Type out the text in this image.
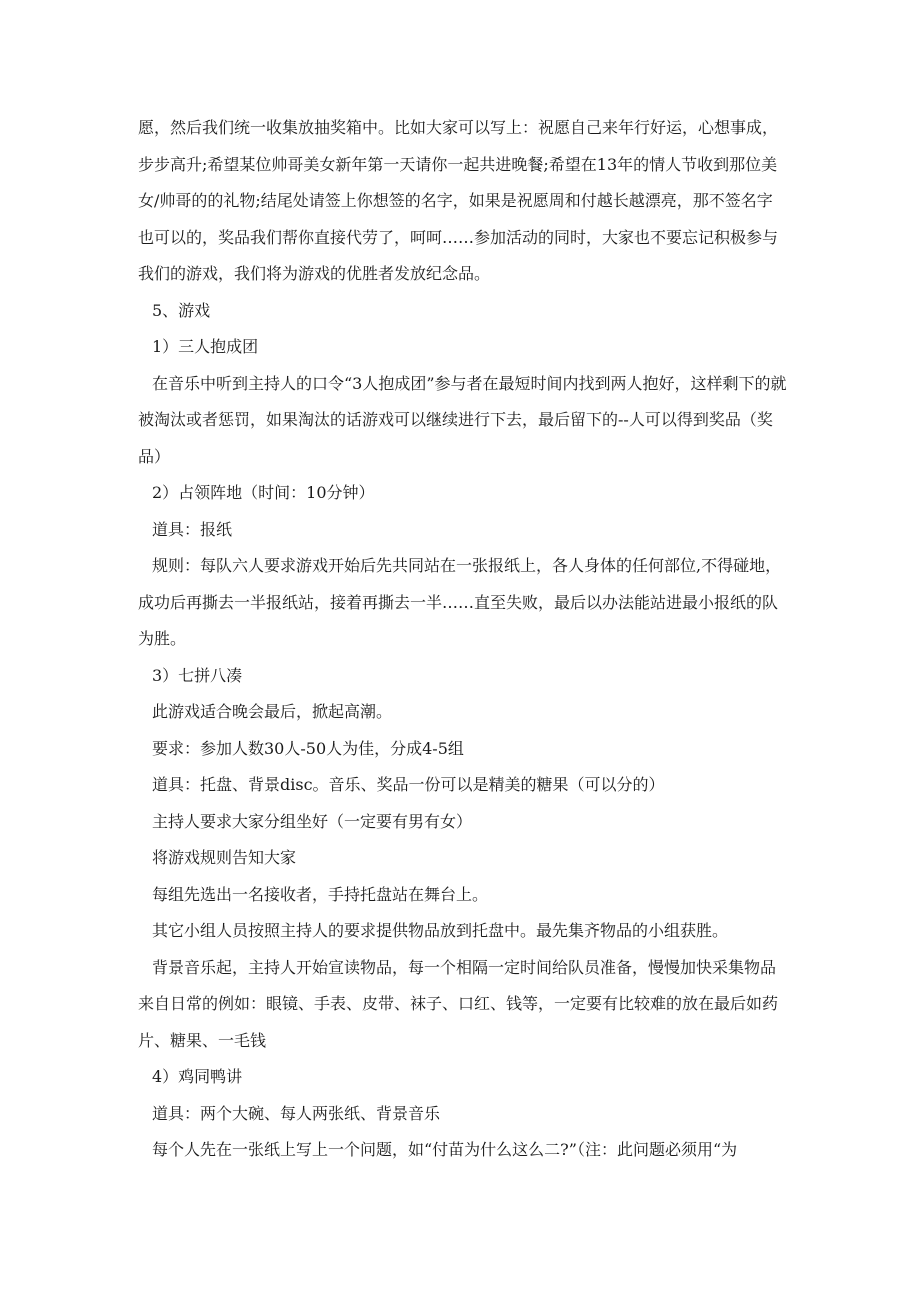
愿，然后我们统一收集放抽奖箱中。比如大家可以写上：祝愿自己来年行好运，心想事成，步步高升;希望某位帅哥美女新年第一天请你一起共进晚餐;希望在13年的情人节收到那位美女/帅哥的的礼物;结尾处请签上你想签的名字，如果是祝愿周和付越长越漂亮，那不签名字也可以的，奖品我们帮你直接代劳了，呵呵……参加活动的同时，大家也不要忘记积极参与我们的游戏，我们将为游戏的优胜者发放纪念品。

5、游戏

1）三人抱成团

在音乐中听到主持人的口令“3人抱成团”参与者在最短时间内找到两人抱好，这样剩下的就被淘汰或者惩罚，如果淘汰的话游戏可以继续进行下去，最后留下的--人可以得到奖品（奖品）

2）占领阵地（时间：10分钟）

道具：报纸

规则：每队六人要求游戏开始后先共同站在一张报纸上，各人身体的任何部位,不得碰地，成功后再撕去一半报纸站，接着再撕去一半……直至失败，最后以办法能站进最小报纸的队为胜。

3）七拼八凑

此游戏适合晚会最后，掀起高潮。

要求：参加人数30人-50人为佳，分成4-5组

道具：托盘、背景disc。音乐、奖品一份可以是精美的糖果（可以分的）

主持人要求大家分组坐好（一定要有男有女）

将游戏规则告知大家

每组先选出一名接收者，手持托盘站在舞台上。

其它小组人员按照主持人的要求提供物品放到托盘中。最先集齐物品的小组获胜。

背景音乐起，主持人开始宣读物品，每一个相隔一定时间给队员准备，慢慢加快采集物品来自日常的例如：眼镜、手表、皮带、袜子、口红、钱等，一定要有比较难的放在最后如药片、糖果、一毛钱

4）鸡同鸭讲

道具：两个大碗、每人两张纸、背景音乐

每个人先在一张纸上写上一个问题，如“付苗为什么这么二?”（注：此问题必须用“为
